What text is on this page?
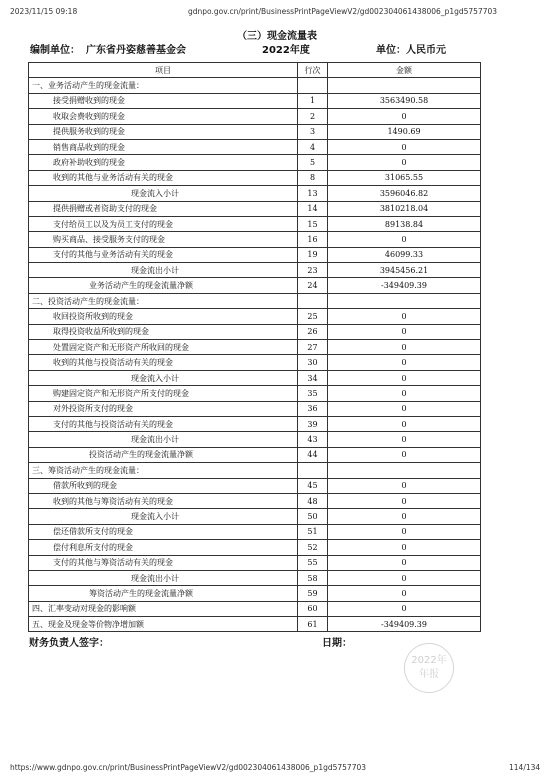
2023/11/15 09:18	gdnpo.gov.cn/print/BusinessPrintPageViewV2/gd002304061438006_p1gd5757703
（三）现金流量表
编制单位： 广东省丹姿慈善基金会	2022年度	单位：人民币元
项目	行次	金额
一、业务活动产生的现金流量：		
接受捐赠收到的现金	1	3563490.58
收取会费收到的现金	2	0
提供服务收到的现金	3	1490.69
销售商品收到的现金	4	0
政府补助收到的现金	5	0
收到的其他与业务活动有关的现金	8	31065.55
现金流入小计	13	3596046.82
提供捐赠或者资助支付的现金	14	3810218.04
支付给员工以及为员工支付的现金	15	89138.84
购买商品、接受服务支付的现金	16	0
支付的其他与业务活动有关的现金	19	46099.33
现金流出小计	23	3945456.21
业务活动产生的现金流量净额	24	-349409.39
二、投资活动产生的现金流量：		
收回投资所收到的现金	25	0
取得投资收益所收到的现金	26	0
处置固定资产和无形资产所收回的现金	27	0
收到的其他与投资活动有关的现金	30	0
现金流入小计	34	0
购建固定资产和无形资产所支付的现金	35	0
对外投资所支付的现金	36	0
支付的其他与投资活动有关的现金	39	0
现金流出小计	43	0
投资活动产生的现金流量净额	44	0
三、筹资活动产生的现金流量：		
借款所收到的现金	45	0
收到的其他与筹资活动有关的现金	48	0
现金流入小计	50	0
偿还借款所支付的现金	51	0
偿付利息所支付的现金	52	0
支付的其他与筹资活动有关的现金	55	0
现金流出小计	58	0
筹资活动产生的现金流量净额	59	0
四、汇率变动对现金的影响额	60	0
五、现金及现金等价物净增加额	61	-349409.39
财务负责人签字：	日期：
2022年
年报
https://www.gdnpo.gov.cn/print/BusinessPrintPageViewV2/gd002304061438006_p1gd5757703	114/134
